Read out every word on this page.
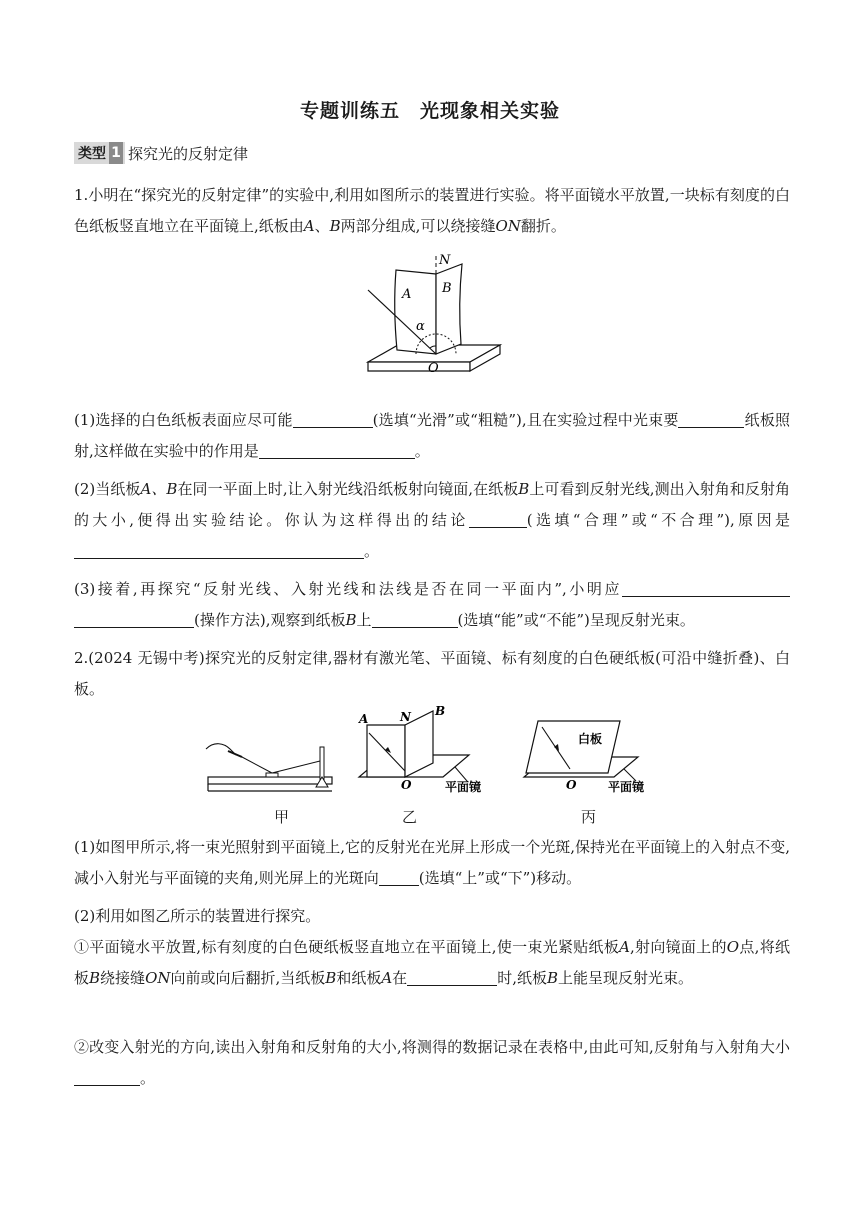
专题训练五　光现象相关实验
类型 1 探究光的反射定律
1.小明在“探究光的反射定律”的实验中,利用如图所示的装置进行实验。将平面镜水平放置,一块标有刻度的白色纸板竖直地立在平面镜上,纸板由A、B两部分组成,可以绕接缝ON翻折。
N
A B
α
O
(1)选择的白色纸板表面应尽可能	(选填“光滑”或“粗糙”),且在实验过程中光束要	纸板照射,这样做在实验中的作用是	。
(2)当纸板A、B在同一平面上时,让入射光线沿纸板射向镜面,在纸板B上可看到反射光线,测出入射角和反射角的大小,便得出实验结论。你认为这样得出的结论	(选填“合理”或“不合理”),原因是。
(3)接着,再探究“反射光线、入射光线和法线是否在同一平面内”,小明应(操作方法),观察到纸板B上	(选填“能”或“不能”)呈现反射光束。
2.(2024 无锡中考)探究光的反射定律,器材有激光笔、平面镜、标有刻度的白色硬纸板(可沿中缝折叠)、白板。
A	N B
O	平面镜
白板
O	平面镜
甲	乙	丙
(1)如图甲所示,将一束光照射到平面镜上,它的反射光在光屏上形成一个光斑,保持光在平面镜上的入射点不变,减小入射光与平面镜的夹角,则光屏上的光斑向	(选填“上”或“下”)移动。
(2)利用如图乙所示的装置进行探究。
①平面镜水平放置,标有刻度的白色硬纸板竖直地立在平面镜上,使一束光紧贴纸板A,射向镜面上的O点,将纸板B绕接缝ON向前或向后翻折,当纸板B和纸板A在	时,纸板B上能呈现反射光束。
②改变入射光的方向,读出入射角和反射角的大小,将测得的数据记录在表格中,由此可知,反射角与入射角大小。
